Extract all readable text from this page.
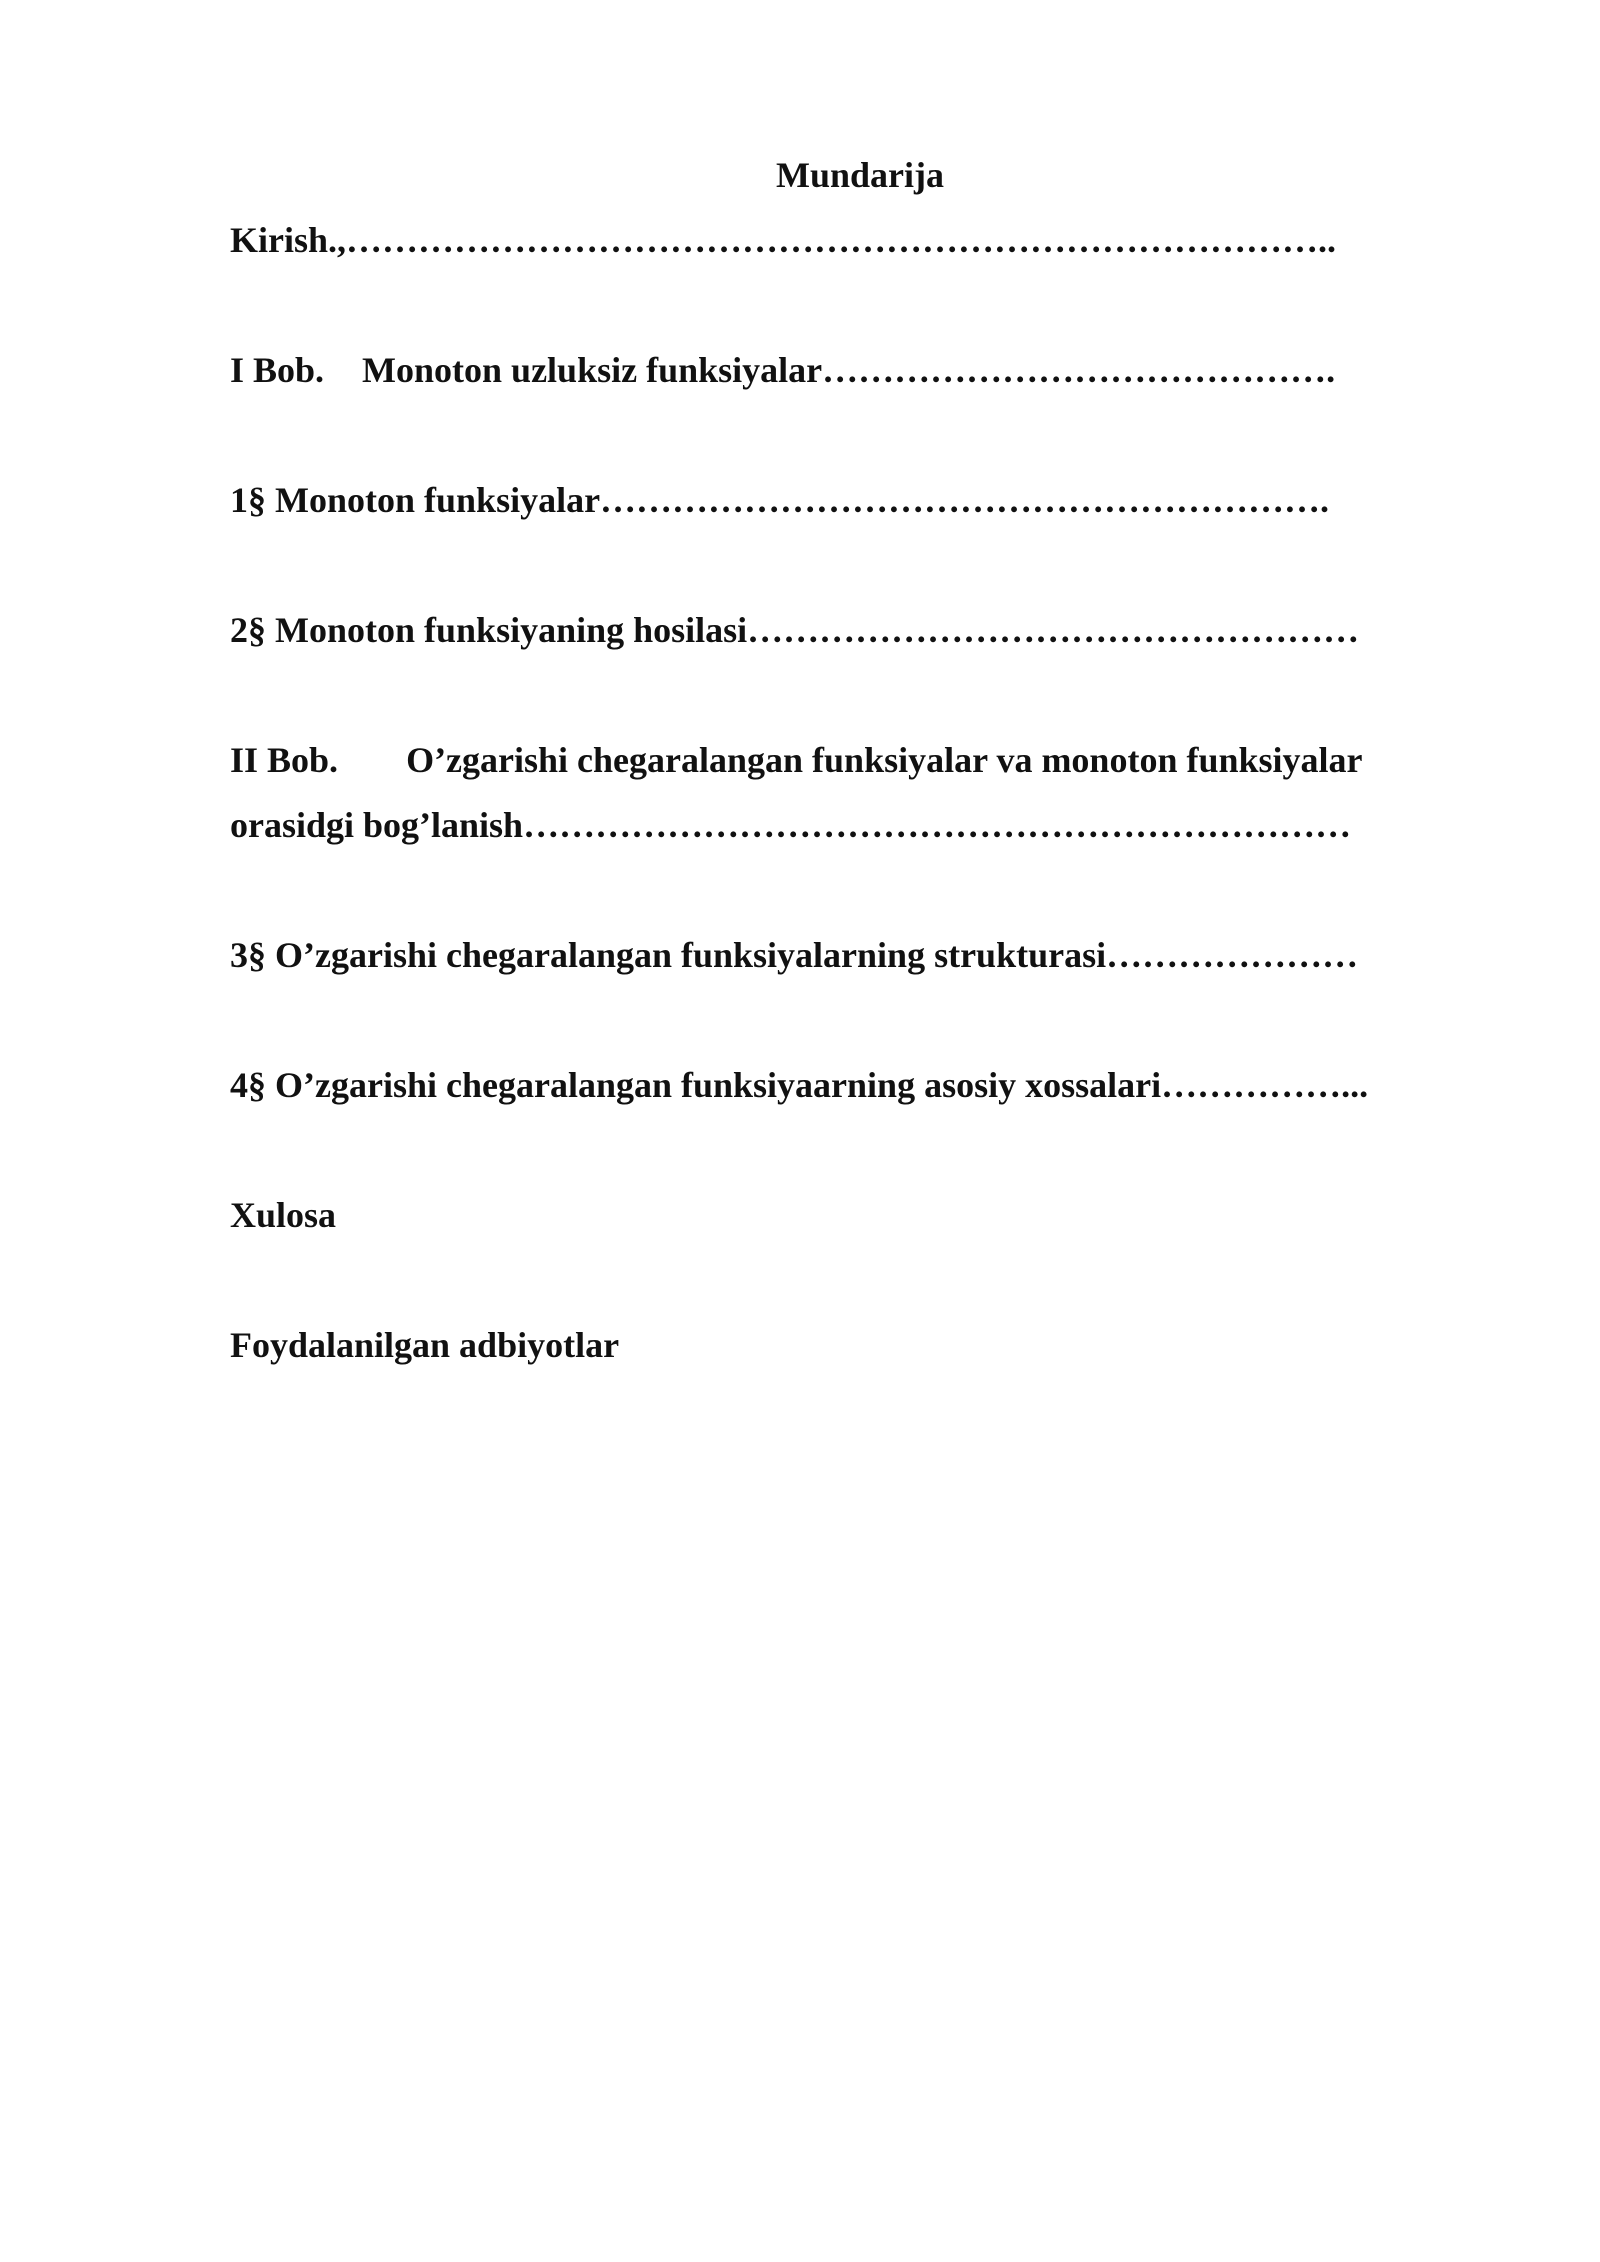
Mundarija
Kirish.,………………………………………………………………………..
I Bob. Monoton uzluksiz funksiyalar…………………………………….
1§ Monoton funksiyalar…………………………………………………….
2§ Monoton funksiyaning hosilasi……………………………………………
II Bob. O’zgarishi chegaralangan funksiyalar va monoton funksiyalar
orasidgi bog’lanish……………………………………………………………
3§ O’zgarishi chegaralangan funksiyalarning strukturasi…………………
4§ O’zgarishi chegaralangan funksiyaarning asosiy xossalari……………...
Xulosa
Foydalanilgan adbiyotlar
